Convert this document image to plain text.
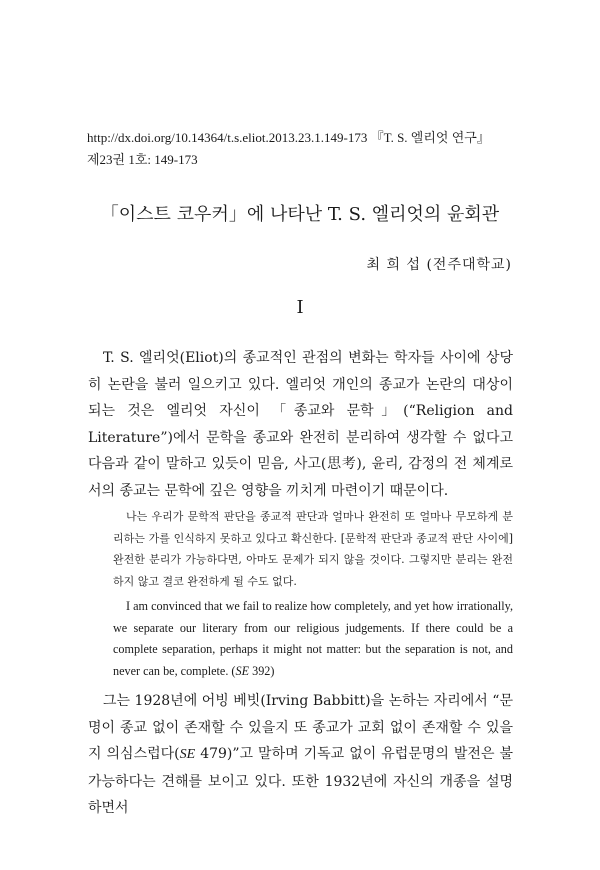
http://dx.doi.org/10.14364/t.s.eliot.2013.23.1.149-173 『T. S. 엘리엇 연구』
제23권 1호: 149-173
「이스트 코우커」에 나타난 T. S. 엘리엇의 윤회관
최 희 섭 (전주대학교)
I
T. S. 엘리엇(Eliot)의 종교적인 관점의 변화는 학자들 사이에 상당히 논란을 불러 일으키고 있다. 엘리엇 개인의 종교가 논란의 대상이 되는 것은 엘리엇 자신이 「종교와 문학」(“Religion and Literature”)에서 문학을 종교와 완전히 분리하여 생각할 수 없다고 다음과 같이 말하고 있듯이 믿음, 사고(思考), 윤리, 감정의 전 체계로서의 종교는 문학에 깊은 영향을 끼치게 마련이기 때문이다.
나는 우리가 문학적 판단을 종교적 판단과 얼마나 완전히 또 얼마나 무모하게 분리하는 가를 인식하지 못하고 있다고 확신한다. [문학적 판단과 종교적 판단 사이에] 완전한 분리가 가능하다면, 아마도 문제가 되지 않을 것이다. 그렇지만 분리는 완전하지 않고 결코 완전하게 될 수도 없다.
I am convinced that we fail to realize how completely, and yet how irrationally, we separate our literary from our religious judgements. If there could be a complete separation, perhaps it might not matter: but the separation is not, and never can be, complete. (SE 392)
그는 1928년에 어빙 베빗(Irving Babbitt)을 논하는 자리에서 “문명이 종교 없이 존재할 수 있을지 또 종교가 교회 없이 존재할 수 있을지 의심스럽다(SE 479)”고 말하며 기독교 없이 유럽문명의 발전은 불가능하다는 견해를 보이고 있다. 또한 1932년에 자신의 개종을 설명하면서
